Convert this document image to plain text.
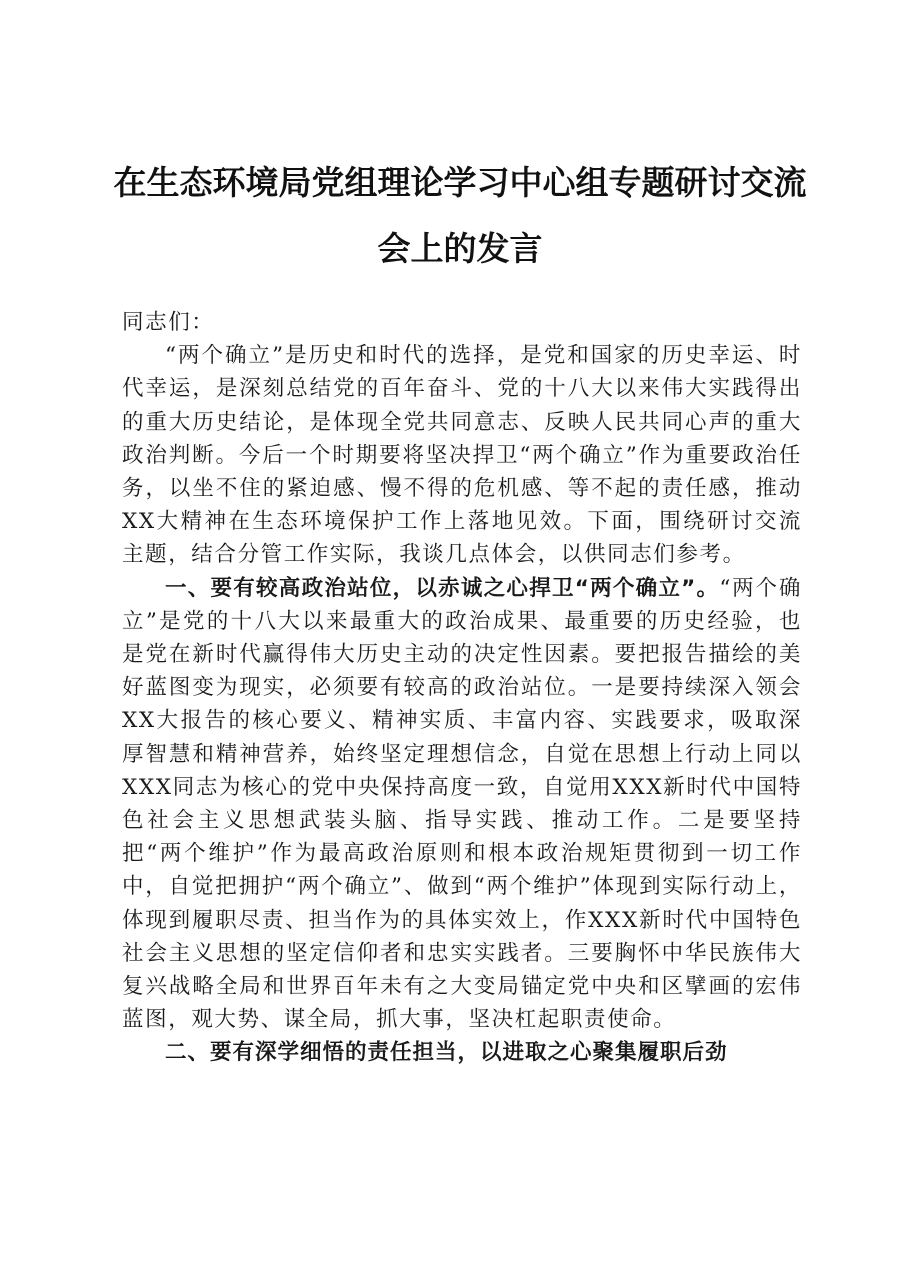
在生态环境局党组理论学习中心组专题研讨交流会上的发言

同志们：

“两个确立”是历史和时代的选择，是党和国家的历史幸运、时代幸运，是深刻总结党的百年奋斗、党的十八大以来伟大实践得出的重大历史结论，是体现全党共同意志、反映人民共同心声的重大政治判断。今后一个时期要将坚决捍卫“两个确立”作为重要政治任务，以坐不住的紧迫感、慢不得的危机感、等不起的责任感，推动XX大精神在生态环境保护工作上落地见效。下面，围绕研讨交流主题，结合分管工作实际，我谈几点体会，以供同志们参考。

一、要有较高政治站位，以赤诚之心捍卫“两个确立”。“两个确立”是党的十八大以来最重大的政治成果、最重要的历史经验，也是党在新时代赢得伟大历史主动的决定性因素。要把报告描绘的美好蓝图变为现实，必须要有较高的政治站位。一是要持续深入领会XX大报告的核心要义、精神实质、丰富内容、实践要求，吸取深厚智慧和精神营养，始终坚定理想信念，自觉在思想上行动上同以XXX同志为核心的党中央保持高度一致，自觉用XXX新时代中国特色社会主义思想武装头脑、指导实践、推动工作。二是要坚持把“两个维护”作为最高政治原则和根本政治规矩贯彻到一切工作中，自觉把拥护“两个确立”、做到“两个维护”体现到实际行动上，体现到履职尽责、担当作为的具体实效上，作XXX新时代中国特色社会主义思想的坚定信仰者和忠实实践者。三要胸怀中华民族伟大复兴战略全局和世界百年未有之大变局锚定党中央和区擘画的宏伟蓝图，观大势、谋全局，抓大事，坚决杠起职责使命。

二、要有深学细悟的责任担当，以进取之心聚集履职后劲
